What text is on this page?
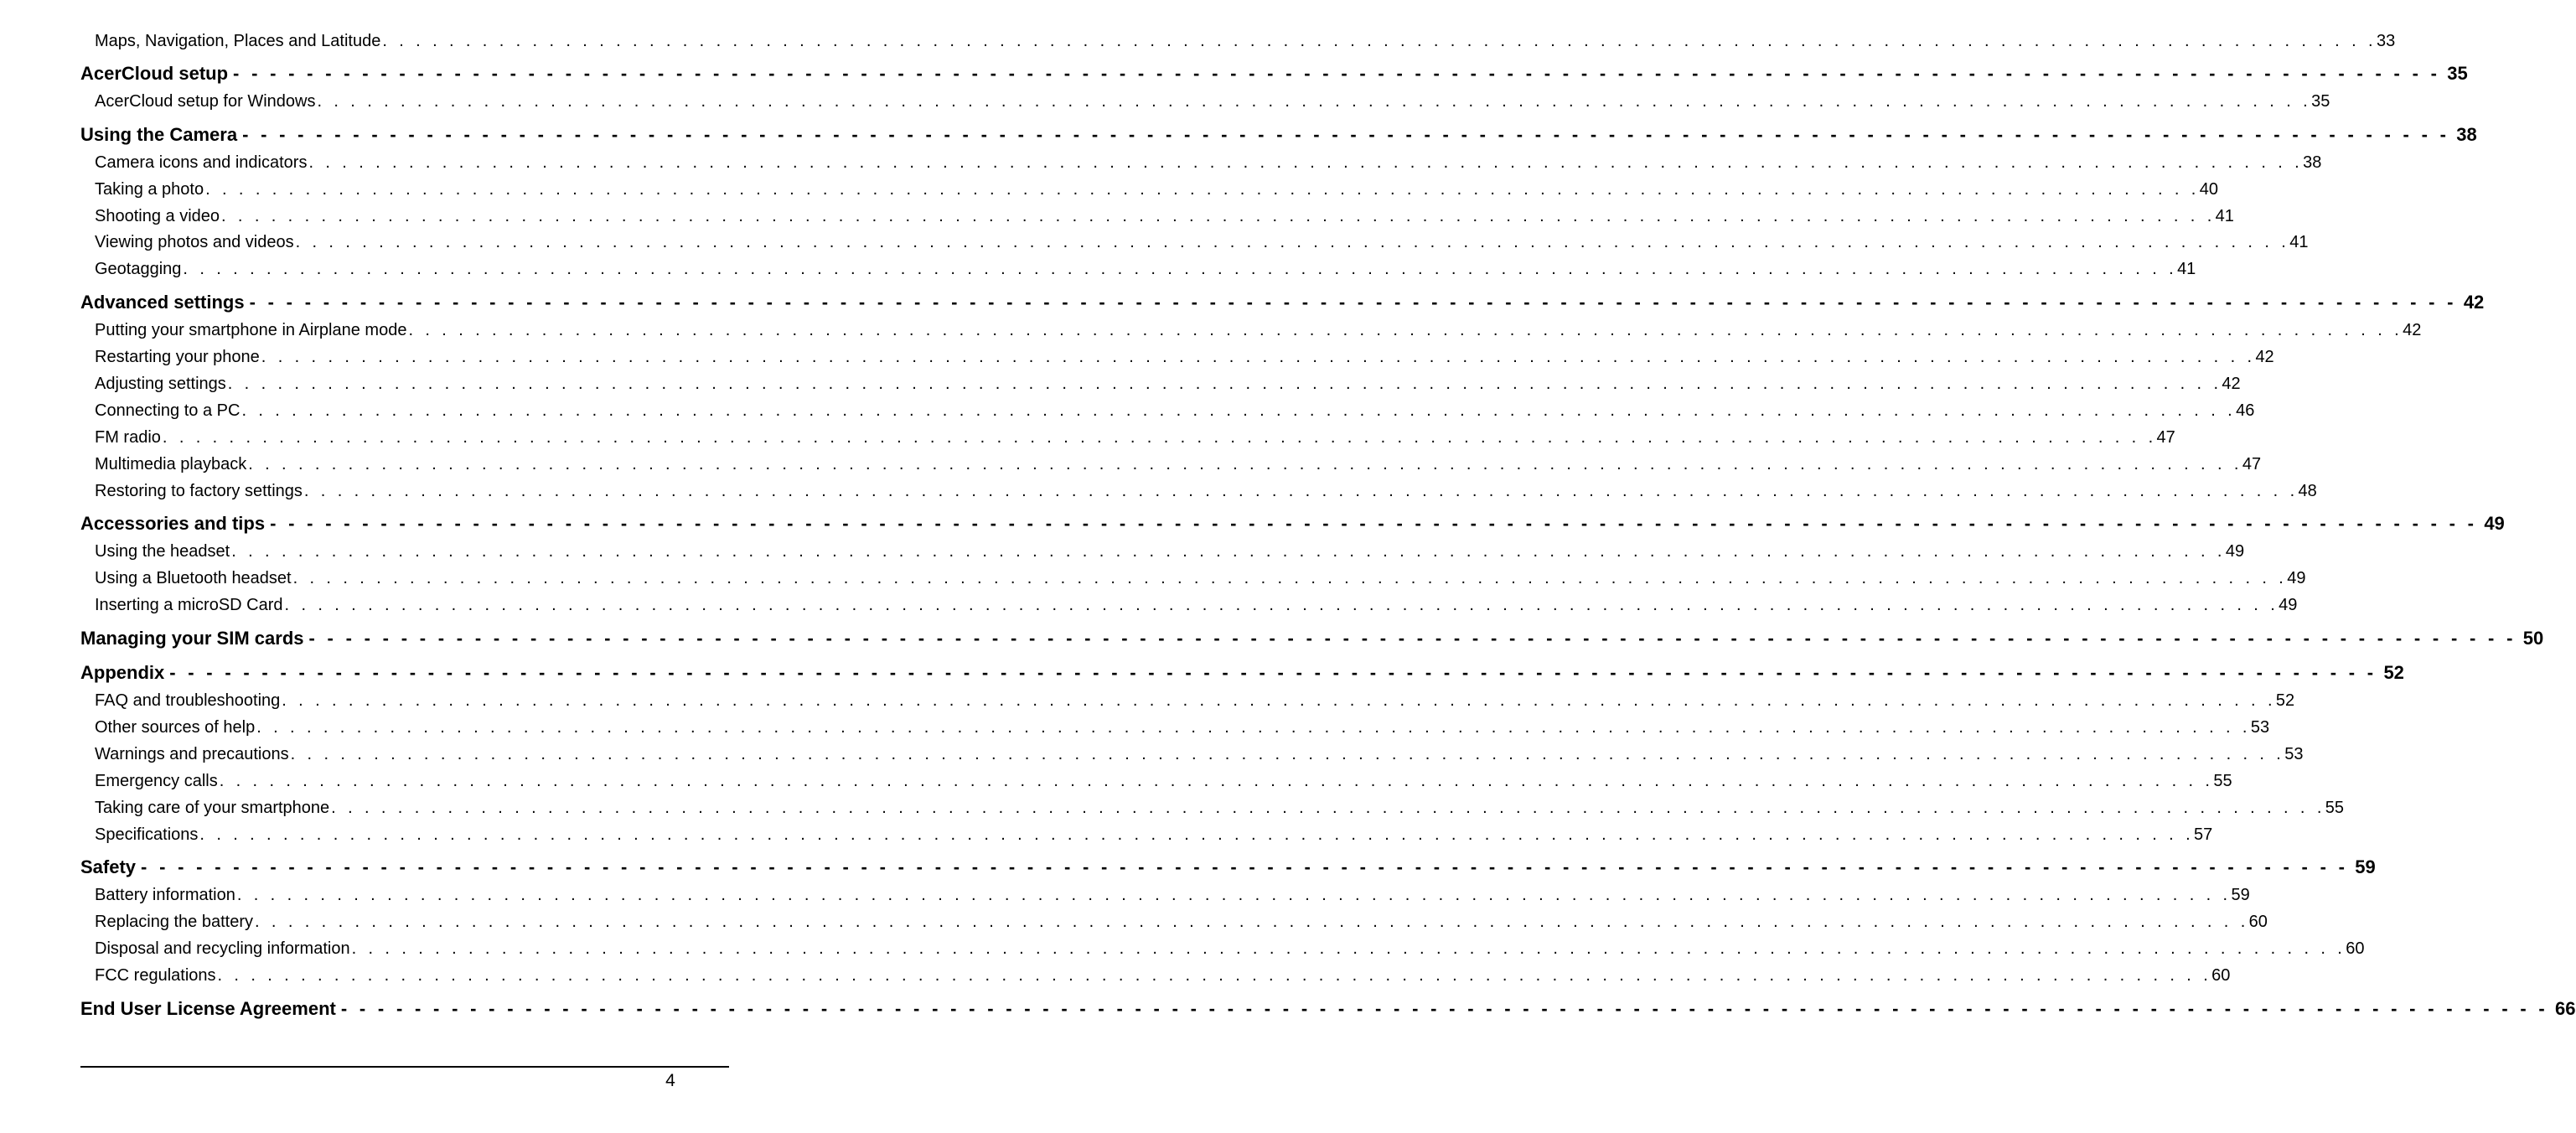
Maps, Navigation, Places and Latitude . . . . . . . . . . . . . . . . . . . . . . . . . . . . . . . . . . . . . . . . . . . . . . . . . . . . . . . . . . . . . . . . . . . . . . . . . . . . . . . . . . . . . . . . . . . . . . . . . . . . . . . . . . . . . . . . . . . . . . . . 33
AcerCloud setup - - - - - - - - - - - - - - - - - - - - - - - - - - - - - - - - - - - - - - - - - - - - - - - - - - - - - - - - - - - - - - - - - - - - - - - - - - - - - - - - - - - - - - - - - - - - - - - - - - - - - - - - - - - - - - - - - - - - - - - - 35
AcerCloud setup for Windows . . . . . . . . . . . . . . . . . . . . . . . . . . . . . . . . . . . . . . . . . . . . . . . . . . . . . . . . . . . . . . . . . . . . . . . . . . . . . . . . . . . . . . . . . . . . . . . . . . . . . . . . . . . . . . . . . . . . . . . . 35
Using the Camera - - - - - - - - - - - - - - - - - - - - - - - - - - - - - - - - - - - - - - - - - - - - - - - - - - - - - - - - - - - - - - - - - - - - - - - - - - - - - - - - - - - - - - - - - - - - - - - - - - - - - - - - - - - - - - - - - - - - - - - - 38
Camera icons and indicators . . . . . . . . . . . . . . . . . . . . . . . . . . . . . . . . . . . . . . . . . . . . . . . . . . . . . . . . . . . . . . . . . . . . . . . . . . . . . . . . . . . . . . . . . . . . . . . . . . . . . . . . . . . . . . . . . . . . . . . . 38
Taking a photo . . . . . . . . . . . . . . . . . . . . . . . . . . . . . . . . . . . . . . . . . . . . . . . . . . . . . . . . . . . . . . . . . . . . . . . . . . . . . . . . . . . . . . . . . . . . . . . . . . . . . . . . . . . . . . . . . . . . . . . . 40
Shooting a video . . . . . . . . . . . . . . . . . . . . . . . . . . . . . . . . . . . . . . . . . . . . . . . . . . . . . . . . . . . . . . . . . . . . . . . . . . . . . . . . . . . . . . . . . . . . . . . . . . . . . . . . . . . . . . . . . . . . . . . . 41
Viewing photos and videos . . . . . . . . . . . . . . . . . . . . . . . . . . . . . . . . . . . . . . . . . . . . . . . . . . . . . . . . . . . . . . . . . . . . . . . . . . . . . . . . . . . . . . . . . . . . . . . . . . . . . . . . . . . . . . . . . . . . . . . . 41
Geotagging . . . . . . . . . . . . . . . . . . . . . . . . . . . . . . . . . . . . . . . . . . . . . . . . . . . . . . . . . . . . . . . . . . . . . . . . . . . . . . . . . . . . . . . . . . . . . . . . . . . . . . . . . . . . . . . . . . . . . . . . 41
Advanced settings - - - - - - - - - - - - - - - - - - - - - - - - - - - - - - - - - - - - - - - - - - - - - - - - - - - - - - - - - - - - - - - - - - - - - - - - - - - - - - - - - - - - - - - - - - - - - - - - - - - - - - - - - - - - - - - - - - - - - - - - 42
Putting your smartphone in Airplane mode . . . . . . . . . . . . . . . . . . . . . . . . . . . . . . . . . . . . . . . . . . . . . . . . . . . . . . . . . . . . . . . . . . . . . . . . . . . . . . . . . . . . . . . . . . . . . . . . . . . . . . . . . . . . . . . . . . . . . . . . 42
Restarting your phone . . . . . . . . . . . . . . . . . . . . . . . . . . . . . . . . . . . . . . . . . . . . . . . . . . . . . . . . . . . . . . . . . . . . . . . . . . . . . . . . . . . . . . . . . . . . . . . . . . . . . . . . . . . . . . . . . . . . . . . . 42
Adjusting settings . . . . . . . . . . . . . . . . . . . . . . . . . . . . . . . . . . . . . . . . . . . . . . . . . . . . . . . . . . . . . . . . . . . . . . . . . . . . . . . . . . . . . . . . . . . . . . . . . . . . . . . . . . . . . . . . . . . . . . . . 42
Connecting to a PC . . . . . . . . . . . . . . . . . . . . . . . . . . . . . . . . . . . . . . . . . . . . . . . . . . . . . . . . . . . . . . . . . . . . . . . . . . . . . . . . . . . . . . . . . . . . . . . . . . . . . . . . . . . . . . . . . . . . . . . . 46
FM radio . . . . . . . . . . . . . . . . . . . . . . . . . . . . . . . . . . . . . . . . . . . . . . . . . . . . . . . . . . . . . . . . . . . . . . . . . . . . . . . . . . . . . . . . . . . . . . . . . . . . . . . . . . . . . . . . . . . . . . . . 47
Multimedia playback . . . . . . . . . . . . . . . . . . . . . . . . . . . . . . . . . . . . . . . . . . . . . . . . . . . . . . . . . . . . . . . . . . . . . . . . . . . . . . . . . . . . . . . . . . . . . . . . . . . . . . . . . . . . . . . . . . . . . . . . 47
Restoring to factory settings . . . . . . . . . . . . . . . . . . . . . . . . . . . . . . . . . . . . . . . . . . . . . . . . . . . . . . . . . . . . . . . . . . . . . . . . . . . . . . . . . . . . . . . . . . . . . . . . . . . . . . . . . . . . . . . . . . . . . . . . 48
Accessories and tips - - - - - - - - - - - - - - - - - - - - - - - - - - - - - - - - - - - - - - - - - - - - - - - - - - - - - - - - - - - - - - - - - - - - - - - - - - - - - - - - - - - - - - - - - - - - - - - - - - - - - - - - - - - - - - - - - - - - - - - - 49
Using the headset . . . . . . . . . . . . . . . . . . . . . . . . . . . . . . . . . . . . . . . . . . . . . . . . . . . . . . . . . . . . . . . . . . . . . . . . . . . . . . . . . . . . . . . . . . . . . . . . . . . . . . . . . . . . . . . . . . . . . . . . 49
Using a Bluetooth headset . . . . . . . . . . . . . . . . . . . . . . . . . . . . . . . . . . . . . . . . . . . . . . . . . . . . . . . . . . . . . . . . . . . . . . . . . . . . . . . . . . . . . . . . . . . . . . . . . . . . . . . . . . . . . . . . . . . . . . . . 49
Inserting a microSD Card . . . . . . . . . . . . . . . . . . . . . . . . . . . . . . . . . . . . . . . . . . . . . . . . . . . . . . . . . . . . . . . . . . . . . . . . . . . . . . . . . . . . . . . . . . . . . . . . . . . . . . . . . . . . . . . . . . . . . . . . 49
Managing your SIM cards - - - - - - - - - - - - - - - - - - - - - - - - - - - - - - - - - - - - - - - - - - - - - - - - - - - - - - - - - - - - - - - - - - - - - - - - - - - - - - - - - - - - - - - - - - - - - - - - - - - - - - - - - - - - - - - - - - - - - - - - 50
Appendix - - - - - - - - - - - - - - - - - - - - - - - - - - - - - - - - - - - - - - - - - - - - - - - - - - - - - - - - - - - - - - - - - - - - - - - - - - - - - - - - - - - - - - - - - - - - - - - - - - - - - - - - - - - - - - - - - - - - - - - - 52
FAQ and troubleshooting . . . . . . . . . . . . . . . . . . . . . . . . . . . . . . . . . . . . . . . . . . . . . . . . . . . . . . . . . . . . . . . . . . . . . . . . . . . . . . . . . . . . . . . . . . . . . . . . . . . . . . . . . . . . . . . . . . . . . . . . 52
Other sources of help . . . . . . . . . . . . . . . . . . . . . . . . . . . . . . . . . . . . . . . . . . . . . . . . . . . . . . . . . . . . . . . . . . . . . . . . . . . . . . . . . . . . . . . . . . . . . . . . . . . . . . . . . . . . . . . . . . . . . . . . 53
Warnings and precautions . . . . . . . . . . . . . . . . . . . . . . . . . . . . . . . . . . . . . . . . . . . . . . . . . . . . . . . . . . . . . . . . . . . . . . . . . . . . . . . . . . . . . . . . . . . . . . . . . . . . . . . . . . . . . . . . . . . . . . . . 53
Emergency calls . . . . . . . . . . . . . . . . . . . . . . . . . . . . . . . . . . . . . . . . . . . . . . . . . . . . . . . . . . . . . . . . . . . . . . . . . . . . . . . . . . . . . . . . . . . . . . . . . . . . . . . . . . . . . . . . . . . . . . . . 55
Taking care of your smartphone . . . . . . . . . . . . . . . . . . . . . . . . . . . . . . . . . . . . . . . . . . . . . . . . . . . . . . . . . . . . . . . . . . . . . . . . . . . . . . . . . . . . . . . . . . . . . . . . . . . . . . . . . . . . . . . . . . . . . . . . 55
Specifications . . . . . . . . . . . . . . . . . . . . . . . . . . . . . . . . . . . . . . . . . . . . . . . . . . . . . . . . . . . . . . . . . . . . . . . . . . . . . . . . . . . . . . . . . . . . . . . . . . . . . . . . . . . . . . . . . . . . . . . . 57
Safety - - - - - - - - - - - - - - - - - - - - - - - - - - - - - - - - - - - - - - - - - - - - - - - - - - - - - - - - - - - - - - - - - - - - - - - - - - - - - - - - - - - - - - - - - - - - - - - - - - - - - - - - - - - - - - - - - - - - - - - - 59
Battery information . . . . . . . . . . . . . . . . . . . . . . . . . . . . . . . . . . . . . . . . . . . . . . . . . . . . . . . . . . . . . . . . . . . . . . . . . . . . . . . . . . . . . . . . . . . . . . . . . . . . . . . . . . . . . . . . . . . . . . . . 59
Replacing the battery . . . . . . . . . . . . . . . . . . . . . . . . . . . . . . . . . . . . . . . . . . . . . . . . . . . . . . . . . . . . . . . . . . . . . . . . . . . . . . . . . . . . . . . . . . . . . . . . . . . . . . . . . . . . . . . . . . . . . . . . 60
Disposal and recycling information . . . . . . . . . . . . . . . . . . . . . . . . . . . . . . . . . . . . . . . . . . . . . . . . . . . . . . . . . . . . . . . . . . . . . . . . . . . . . . . . . . . . . . . . . . . . . . . . . . . . . . . . . . . . . . . . . . . . . . . . 60
FCC regulations . . . . . . . . . . . . . . . . . . . . . . . . . . . . . . . . . . . . . . . . . . . . . . . . . . . . . . . . . . . . . . . . . . . . . . . . . . . . . . . . . . . . . . . . . . . . . . . . . . . . . . . . . . . . . . . . . . . . . . . . 60
End User License Agreement - - - - - - - - - - - - - - - - - - - - - - - - - - - - - - - - - - - - - - - - - - - - - - - - - - - - - - - - - - - - - - - - - - - - - - - - - - - - - - - - - - - - - - - - - - - - - - - - - - - - - - - - - - - - - - - - - - - - - - - - 66
4
